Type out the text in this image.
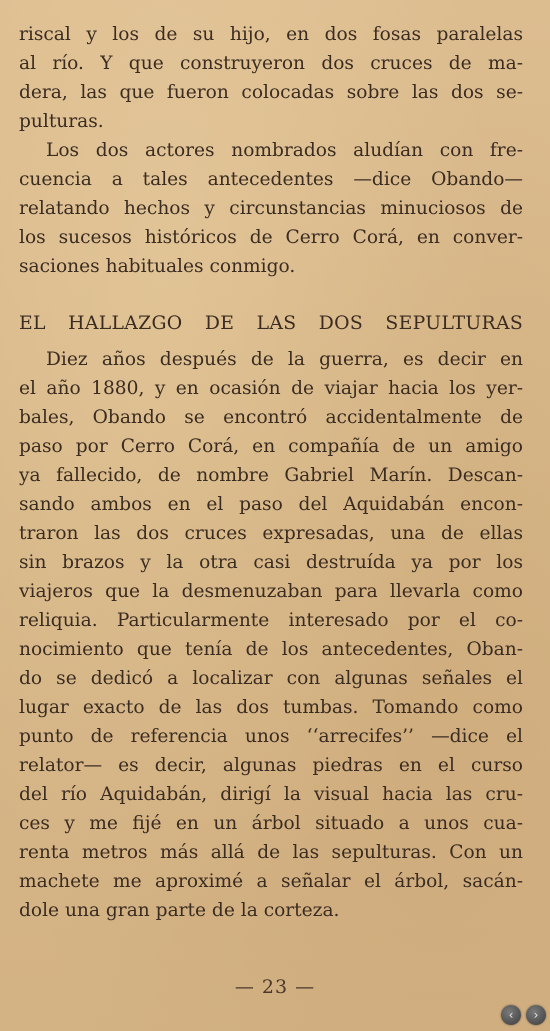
riscal y los de su hijo, en dos fosas paralelas
al río. Y que construyeron dos cruces de ma-
dera, las que fueron colocadas sobre las dos se-
pulturas.
Los dos actores nombrados aludían con fre-
cuencia a tales antecedentes —dice Obando—
relatando hechos y circunstancias minuciosos de
los sucesos históricos de Cerro Corá, en conver-
saciones habituales conmigo.
EL HALLAZGO DE LAS DOS SEPULTURAS
Diez años después de la guerra, es decir en
el año 1880, y en ocasión de viajar hacia los yer-
bales, Obando se encontró accidentalmente de
paso por Cerro Corá, en compañía de un amigo
ya fallecido, de nombre Gabriel Marín. Descan-
sando ambos en el paso del Aquidabán encon-
traron las dos cruces expresadas, una de ellas
sin brazos y la otra casi destruída ya por los
viajeros que la desmenuzaban para llevarla como
reliquia. Particularmente interesado por el co-
nocimiento que tenía de los antecedentes, Oban-
do se dedicó a localizar con algunas señales el
lugar exacto de las dos tumbas. Tomando como
punto de referencia unos ‘‘arrecifes’’ —dice el
relator— es decir, algunas piedras en el curso
del río Aquidabán, dirigí la visual hacia las cru-
ces y me fijé en un árbol situado a unos cua-
renta metros más allá de las sepulturas. Con un
machete me aproximé a señalar el árbol, sacán-
dole una gran parte de la corteza.
— 23 —
‹	›
